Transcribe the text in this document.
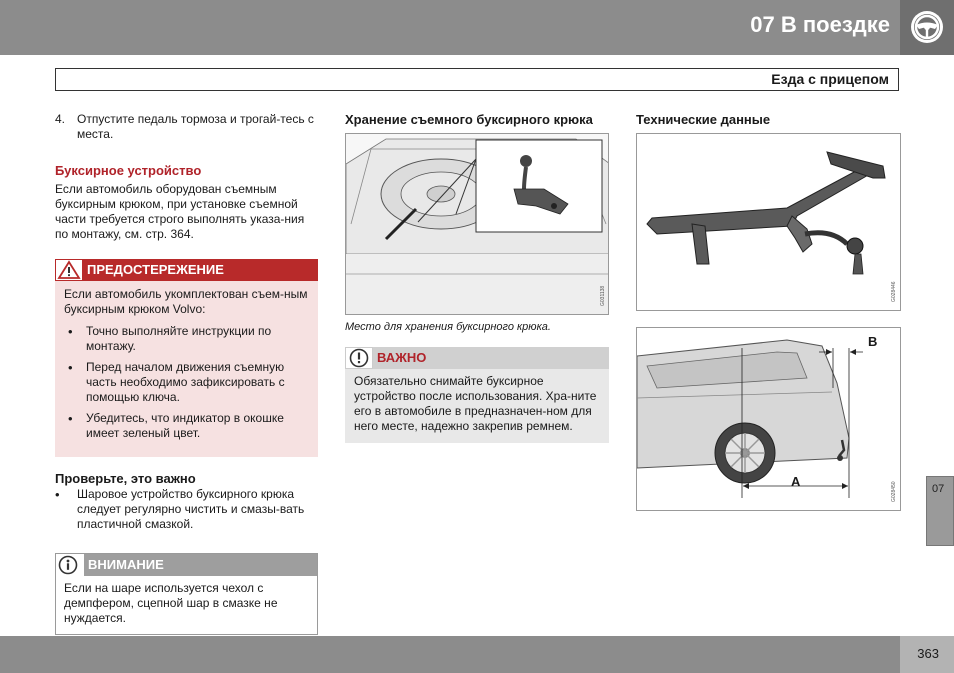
07 В поездке
Езда с прицепом
4. Отпустите педаль тормоза и трогай-тесь с места.
Буксирное устройство
Если автомобиль оборудован съемным буксирным крюком, при установке съемной части требуется строго выполнять указа-ния по монтажу, см. стр. 364.
ПРЕДОСТЕРЕЖЕНИЕ
Если автомобиль укомплектован съем-ным буксирным крюком Volvo:
• Точно выполняйте инструкции по монтажу.
• Перед началом движения съемную часть необходимо зафиксировать с помощью ключа.
• Убедитесь, что индикатор в окошке имеет зеленый цвет.
Проверьте, это важно
• Шаровое устройство буксирного крюка следует регулярно чистить и смазы-вать пластичной смазкой.
ВНИМАНИЕ
Если на шаре используется чехол с демпфером, сцепной шар в смазке не нуждается.
Хранение съемного буксирного крюка
G031138
Место для хранения буксирного крюка.
ВАЖНО
Обязательно снимайте буксирное устройство после использования. Хра-ните его в автомобиле в предназначен-ном для него месте, надежно закрепив ремнем.
Технические данные
G028446
A
B
G028450	07
363
